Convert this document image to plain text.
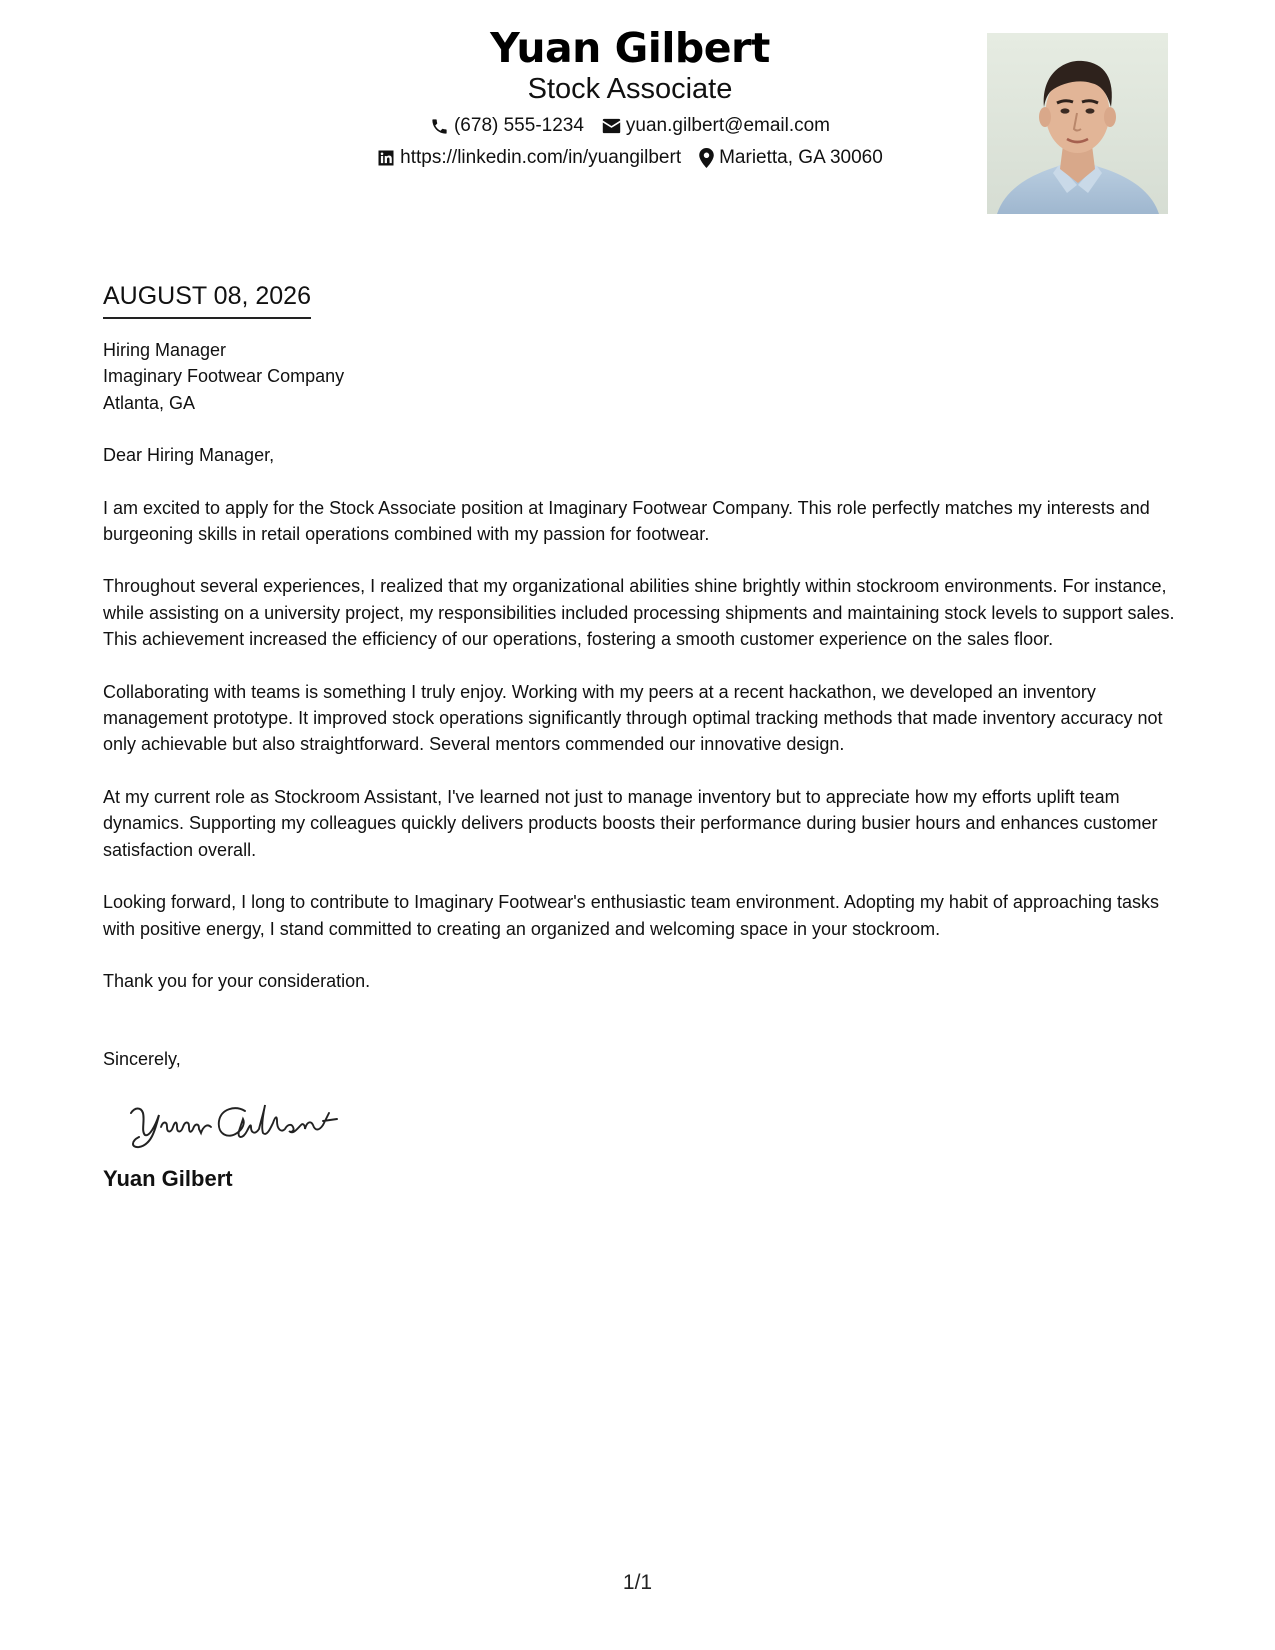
Yuan Gilbert
Stock Associate
(678) 555-1234 yuan.gilbert@email.com
https://linkedin.com/in/yuangilbert Marietta, GA 30060
AUGUST 08, 2026
Hiring Manager
Imaginary Footwear Company
Atlanta, GA
Dear Hiring Manager,
I am excited to apply for the Stock Associate position at Imaginary Footwear Company. This role perfectly matches my interests and burgeoning skills in retail operations combined with my passion for footwear.
Throughout several experiences, I realized that my organizational abilities shine brightly within stockroom environments. For instance, while assisting on a university project, my responsibilities included processing shipments and maintaining stock levels to support sales. This achievement increased the efficiency of our operations, fostering a smooth customer experience on the sales floor.
Collaborating with teams is something I truly enjoy. Working with my peers at a recent hackathon, we developed an inventory management prototype. It improved stock operations significantly through optimal tracking methods that made inventory accuracy not only achievable but also straightforward. Several mentors commended our innovative design.
At my current role as Stockroom Assistant, I've learned not just to manage inventory but to appreciate how my efforts uplift team dynamics. Supporting my colleagues quickly delivers products boosts their performance during busier hours and enhances customer satisfaction overall.
Looking forward, I long to contribute to Imaginary Footwear's enthusiastic team environment. Adopting my habit of approaching tasks with positive energy, I stand committed to creating an organized and welcoming space in your stockroom.
Thank you for your consideration.
Sincerely,
Yuan Gilbert
1/1
